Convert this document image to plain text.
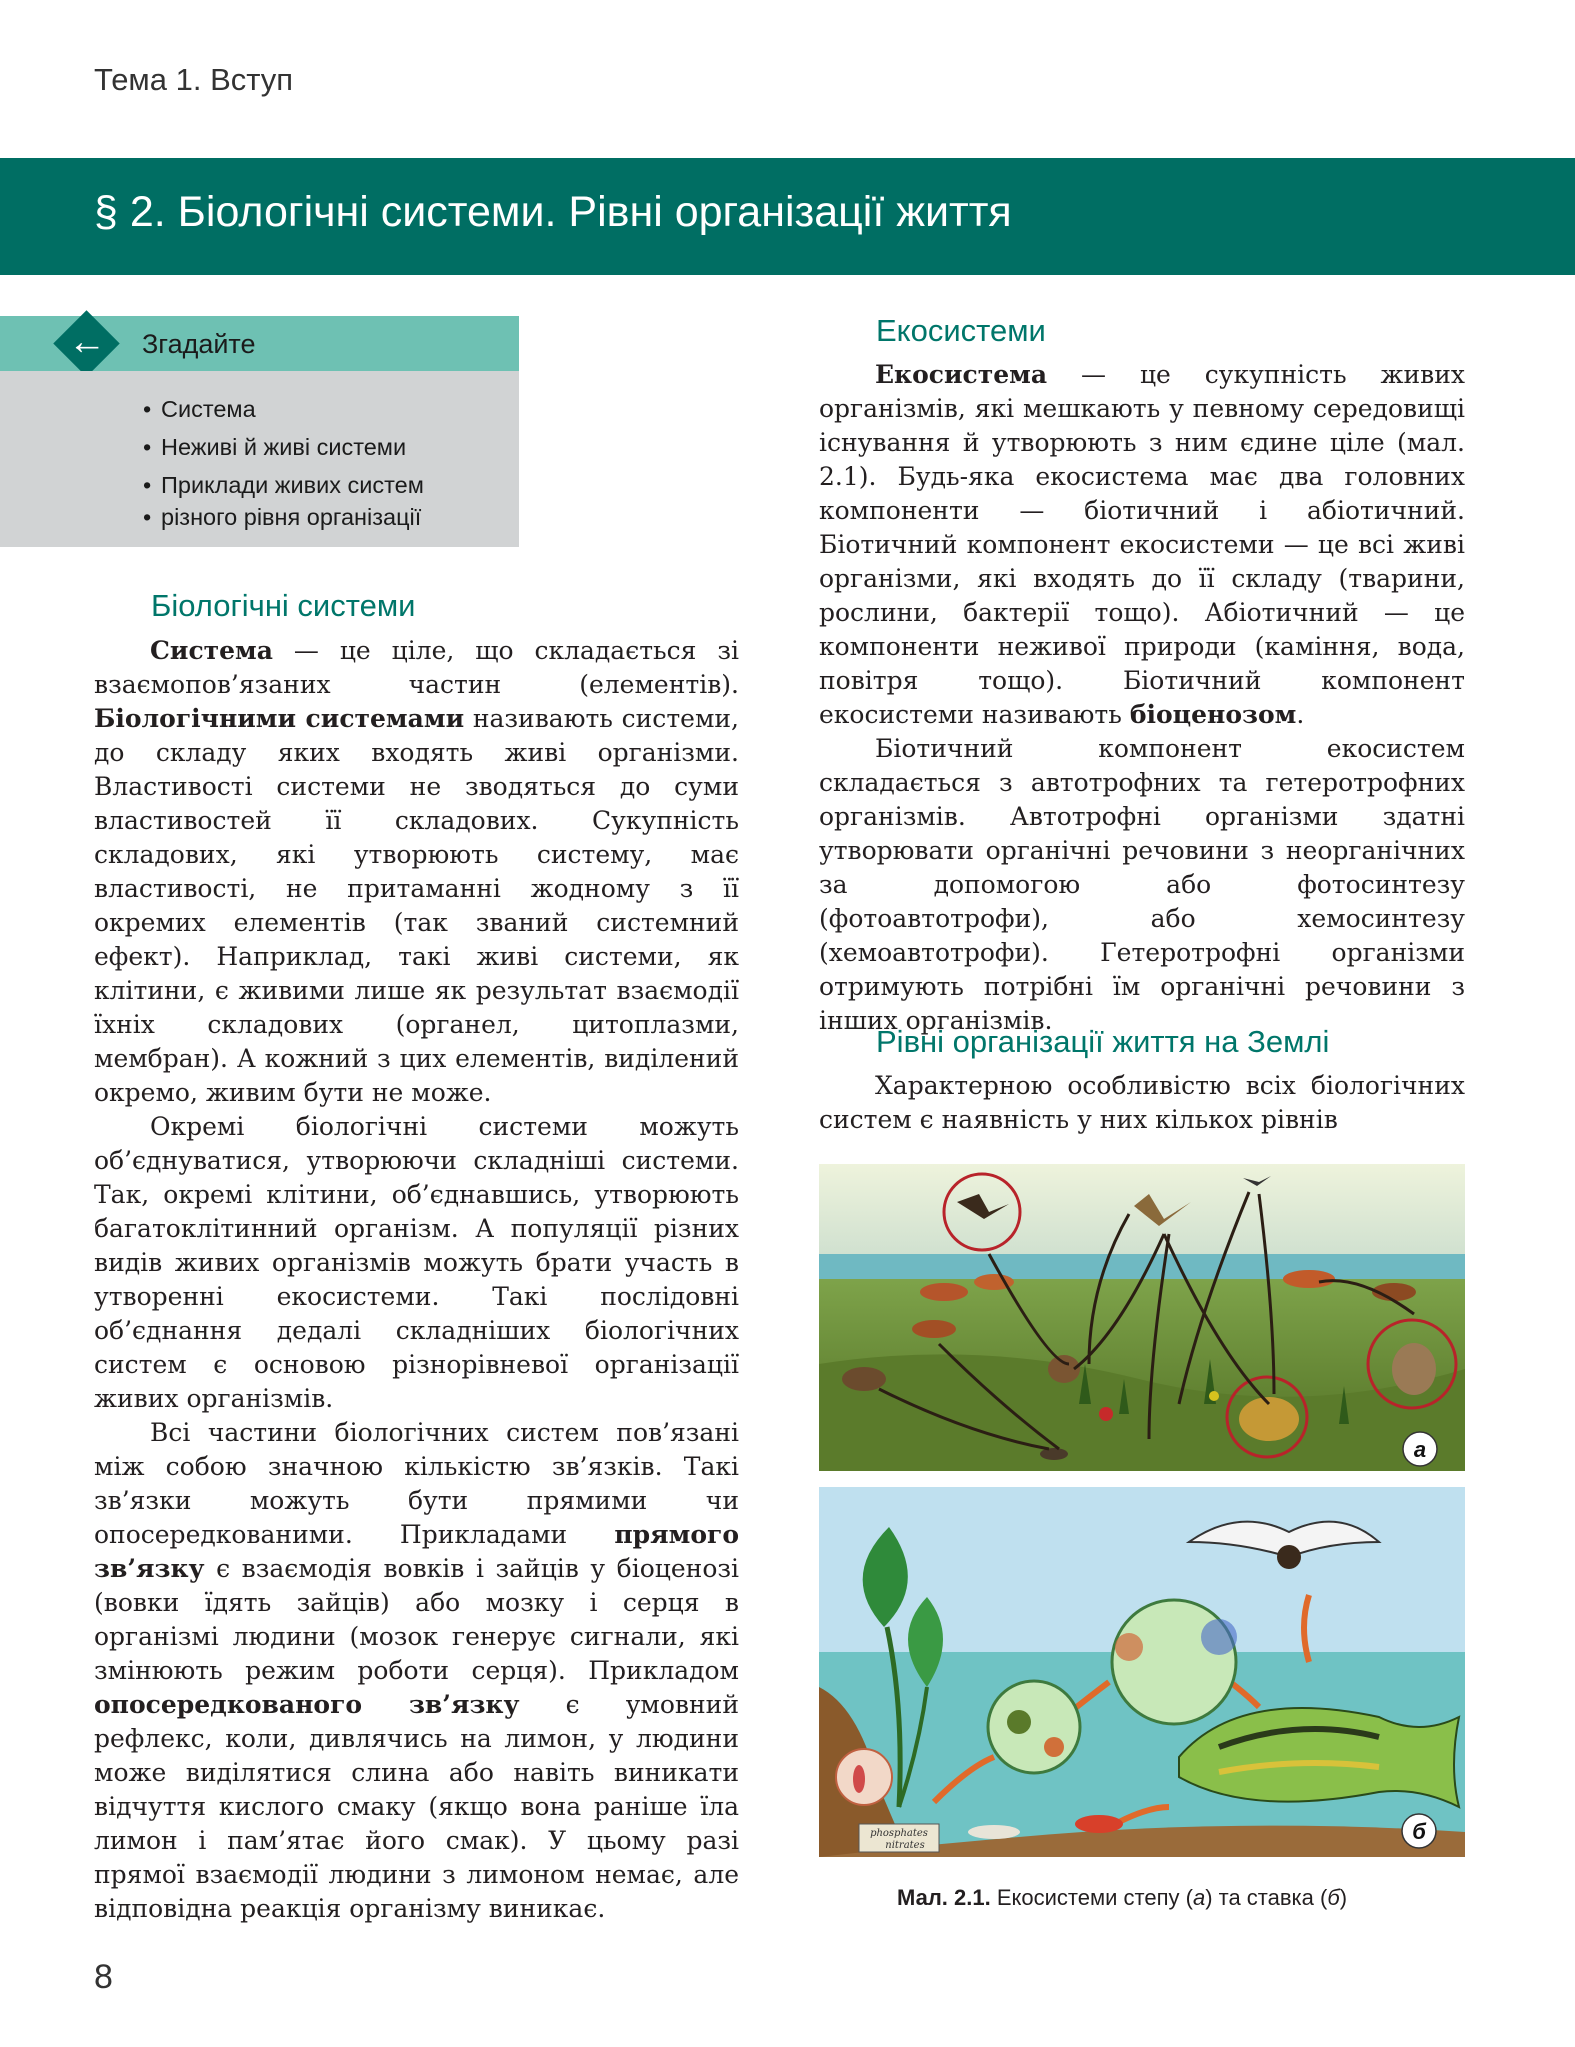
Тема 1. Вступ
§ 2. Біологічні системи. Рівні організації життя
← Згадайте
• Система
• Неживі й живі системи
• Приклади живих систем
• різного рівня організації
Біологічні системи

Система — це ціле, що складається зі взаємопов’язаних частин (елементів). Біологічними системами називають системи, до складу яких входять живі організми. Властивості системи не зводяться до суми властивостей її складових. Сукупність складових, які утворюють систему, має властивості, не притаманні жодному з її окремих елементів (так званий системний ефект). Наприклад, такі живі системи, як клітини, є живими лише як результат взаємодії їхніх складових (органел, цитоплазми, мембран). А кожний з цих елементів, виділений окремо, живим бути не може.

Окремі біологічні системи можуть об’єднуватися, утворюючи складніші системи. Так, окремі клітини, об’єднавшись, утворюють багатоклітинний організм. А популяції різних видів живих організмів можуть брати участь в утворенні екосистеми. Такі послідовні об’єднання дедалі складніших біологічних систем є основою різнорівневої організації живих організмів.

Всі частини біологічних систем пов’язані між собою значною кількістю зв’язків. Такі зв’язки можуть бути прямими чи опосередкованими. Прикладами прямого зв’язку є взаємодія вовків і зайців у біоценозі (вовки їдять зайців) або мозку і серця в організмі людини (мозок генерує сигнали, які змінюють режим роботи серця). Прикладом опосередкованого зв’язку є умовний рефлекс, коли, дивлячись на лимон, у людини може виділятися слина або навіть виникати відчуття кислого смаку (якщо вона раніше їла лимон і пам’ятає його смак). У цьому разі прямої взаємодії людини з лимоном немає, але відповідна реакція організму виникає.

Екосистеми

Екосистема — це сукупність живих організмів, які мешкають у певному середовищі існування й утворюють з ним єдине ціле (мал. 2.1). Будь-яка екосистема має два головних компоненти — біотичний і абіотичний. Біотичний компонент екосистеми — це всі живі організми, які входять до її складу (тварини, рослини, бактерії тощо). Абіотичний — це компоненти неживої природи (каміння, вода, повітря тощо). Біотичний компонент екосистеми називають біоценозом.

Біотичний компонент екосистем складається з автотрофних та гетеротрофних організмів. Автотрофні організми здатні утворювати органічні речовини з неорганічних за допомогою або фотосинтезу (фотоавтотрофи), або хемосинтезу (хемоавтотрофи). Гетеротрофні організми отримують потрібні їм органічні речовини з інших організмів.

Рівні організації життя на Землі

Характерною особливістю всіх біологічних систем є наявність у них кількох рівнів

а
phosphates
nitrates
б
Мал. 2.1. Екосистеми степу (а) та ставка (б)
8
